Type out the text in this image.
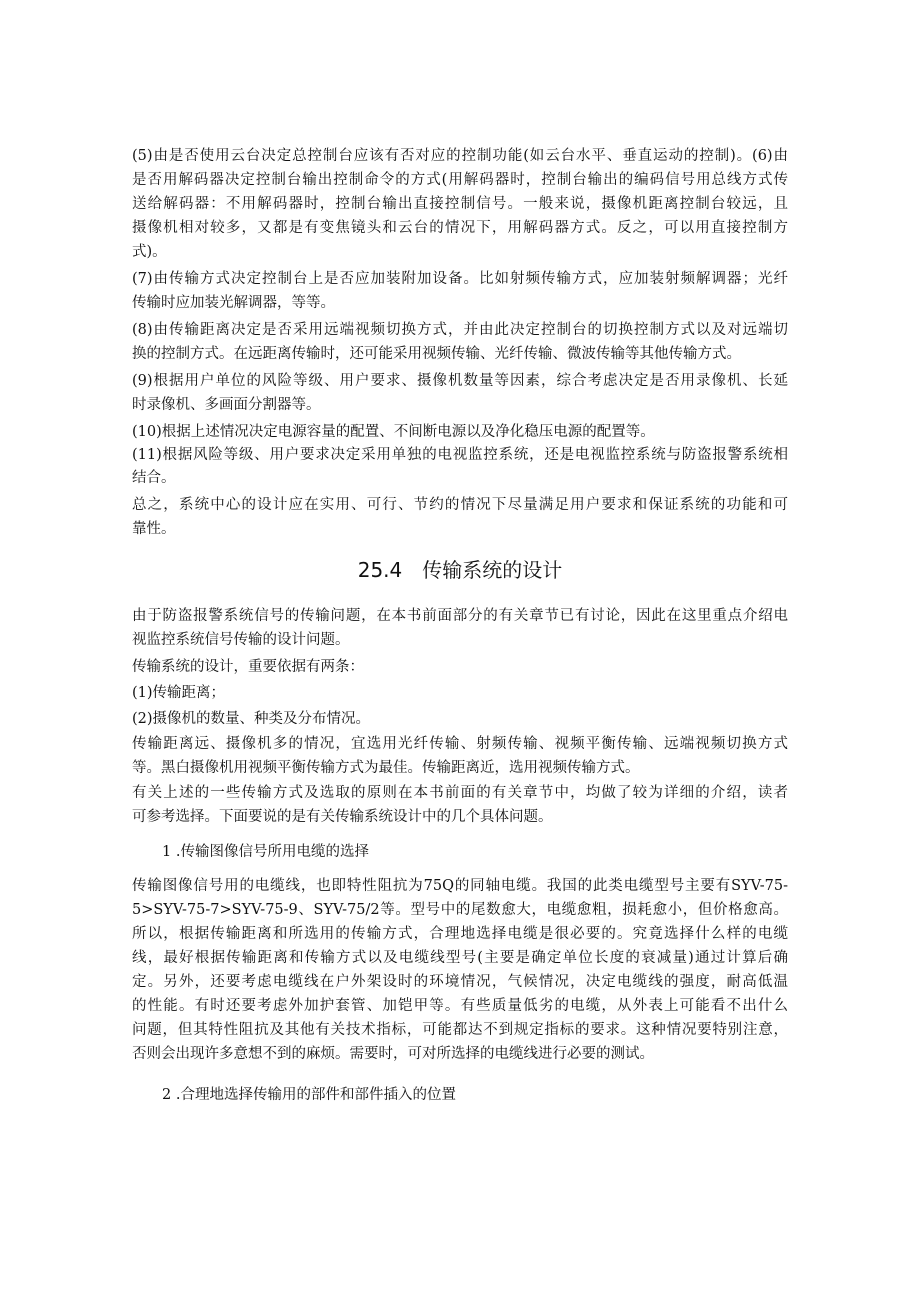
(5)由是否使用云台决定总控制台应该有否对应的控制功能(如云台水平、垂直运动的控制)。(6)由
是否用解码器决定控制台输出控制命令的方式(用解码器时，控制台输出的编码信号用总线方式传
送给解码器：不用解码器时，控制台输出直接控制信号。一般来说，摄像机距离控制台较远，且
摄像机相对较多，又都是有变焦镜头和云台的情况下，用解码器方式。反之，可以用直接控制方
式)。
(7)由传输方式决定控制台上是否应加装附加设备。比如射频传输方式，应加装射频解调器；光纤
传输时应加装光解调器，等等。
(8)由传输距离决定是否采用远端视频切换方式，并由此决定控制台的切换控制方式以及对远端切
换的控制方式。在远距离传输时，还可能采用视频传输、光纤传输、微波传输等其他传输方式。
(9)根据用户单位的风险等级、用户要求、摄像机数量等因素，综合考虑决定是否用录像机、长延
时录像机、多画面分割器等。
(10)根据上述情况决定电源容量的配置、不间断电源以及净化稳压电源的配置等。
(11)根据风险等级、用户要求决定采用单独的电视监控系统，还是电视监控系统与防盗报警系统相
结合。
总之，系统中心的设计应在实用、可行、节约的情况下尽量满足用户要求和保证系统的功能和可
靠性。
25.4 传输系统的设计
由于防盗报警系统信号的传输问题，在本书前面部分的有关章节已有讨论，因此在这里重点介绍电
视监控系统信号传输的设计问题。
传输系统的设计，重要依据有两条：
(1)传输距离；
(2)摄像机的数量、种类及分布情况。
传输距离远、摄像机多的情况，宜选用光纤传输、射频传输、视频平衡传输、远端视频切换方式
等。黑白摄像机用视频平衡传输方式为最佳。传输距离近，选用视频传输方式。
有关上述的一些传输方式及选取的原则在本书前面的有关章节中，均做了较为详细的介绍，读者
可参考选择。下面要说的是有关传输系统设计中的几个具体问题。
1 .传输图像信号所用电缆的选择
传输图像信号用的电缆线，也即特性阻抗为75Q的同轴电缆。我国的此类电缆型号主要有SYV-75-
5>SYV-75-7>SYV-75-9、SYV-75/2等。型号中的尾数愈大，电缆愈粗，损耗愈小，但价格愈高。
所以，根据传输距离和所选用的传输方式，合理地选择电缆是很必要的。究竟选择什么样的电缆
线，最好根据传输距离和传输方式以及电缆线型号(主要是确定单位长度的衰减量)通过计算后确
定。另外，还要考虑电缆线在户外架设时的环境情况，气候情况，决定电缆线的强度，耐高低温
的性能。有时还要考虑外加护套管、加铠甲等。有些质量低劣的电缆，从外表上可能看不出什么
问题，但其特性阻抗及其他有关技术指标，可能都达不到规定指标的要求。这种情况要特别注意，
否则会出现许多意想不到的麻烦。需要时，可对所选择的电缆线进行必要的测试。
2 .合理地选择传输用的部件和部件插入的位置
